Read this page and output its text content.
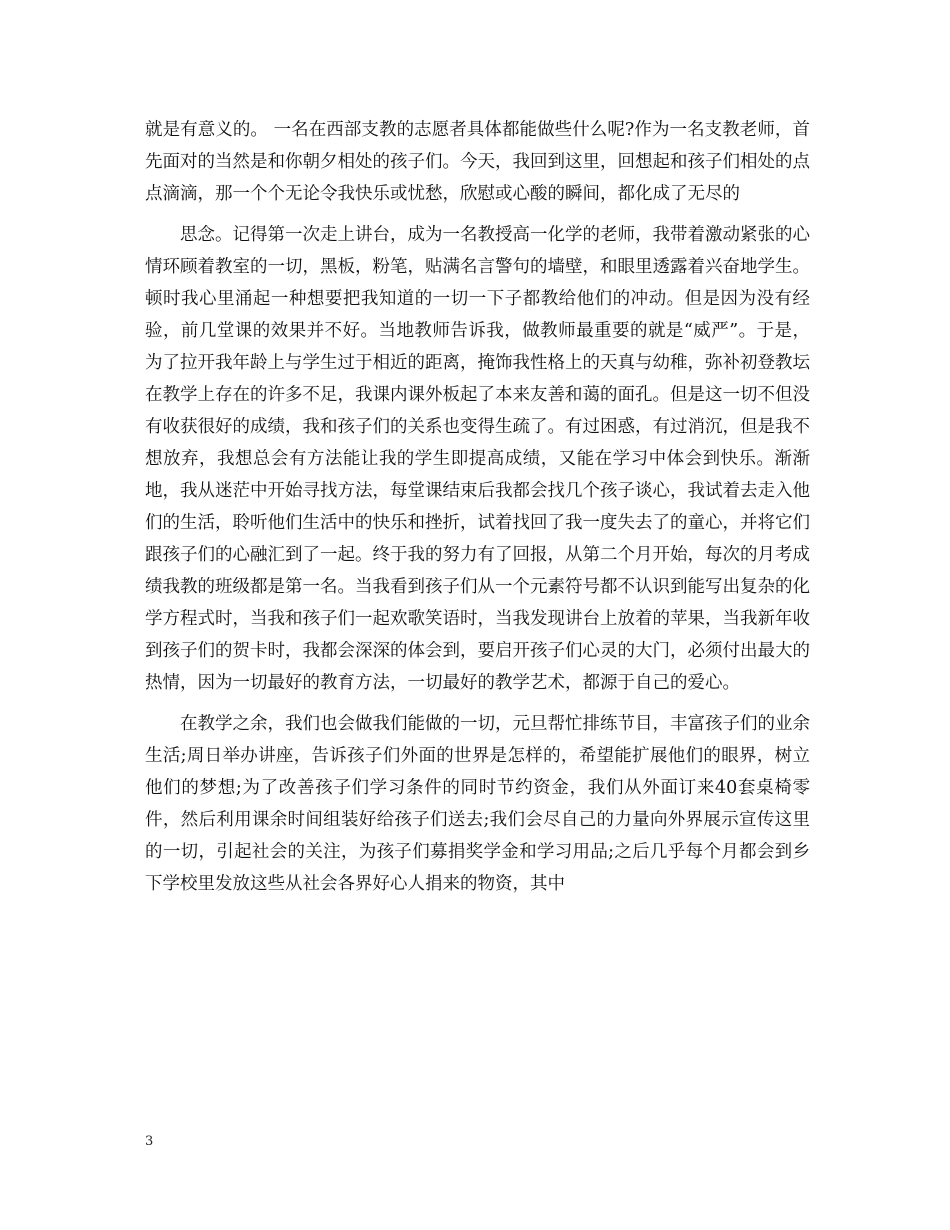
就是有意义的。 一名在西部支教的志愿者具体都能做些什么呢?作为一名支教老师，首先面对的当然是和你朝夕相处的孩子们。今天，我回到这里，回想起和孩子们相处的点点滴滴，那一个个无论令我快乐或忧愁，欣慰或心酸的瞬间，都化成了无尽的

思念。记得第一次走上讲台，成为一名教授高一化学的老师，我带着激动紧张的心情环顾着教室的一切，黑板，粉笔，贴满名言警句的墙壁，和眼里透露着兴奋地学生。顿时我心里涌起一种想要把我知道的一切一下子都教给他们的冲动。但是因为没有经验，前几堂课的效果并不好。当地教师告诉我，做教师最重要的就是“威严”。于是，为了拉开我年龄上与学生过于相近的距离，掩饰我性格上的天真与幼稚，弥补初登教坛在教学上存在的许多不足，我课内课外板起了本来友善和蔼的面孔。但是这一切不但没有收获很好的成绩，我和孩子们的关系也变得生疏了。有过困惑，有过消沉，但是我不想放弃，我想总会有方法能让我的学生即提高成绩，又能在学习中体会到快乐。渐渐地，我从迷茫中开始寻找方法，每堂课结束后我都会找几个孩子谈心，我试着去走入他们的生活，聆听他们生活中的快乐和挫折，试着找回了我一度失去了的童心，并将它们跟孩子们的心融汇到了一起。终于我的努力有了回报，从第二个月开始，每次的月考成绩我教的班级都是第一名。当我看到孩子们从一个元素符号都不认识到能写出复杂的化学方程式时，当我和孩子们一起欢歌笑语时，当我发现讲台上放着的苹果，当我新年收到孩子们的贺卡时，我都会深深的体会到，要启开孩子们心灵的大门，必须付出最大的热情，因为一切最好的教育方法，一切最好的教学艺术，都源于自己的爱心。

在教学之余，我们也会做我们能做的一切，元旦帮忙排练节目，丰富孩子们的业余生活;周日举办讲座，告诉孩子们外面的世界是怎样的，希望能扩展他们的眼界，树立他们的梦想;为了改善孩子们学习条件的同时节约资金，我们从外面订来40套桌椅零件，然后利用课余时间组装好给孩子们送去;我们会尽自己的力量向外界展示宣传这里的一切，引起社会的关注，为孩子们募捐奖学金和学习用品;之后几乎每个月都会到乡下学校里发放这些从社会各界好心人捐来的物资，其中

3
